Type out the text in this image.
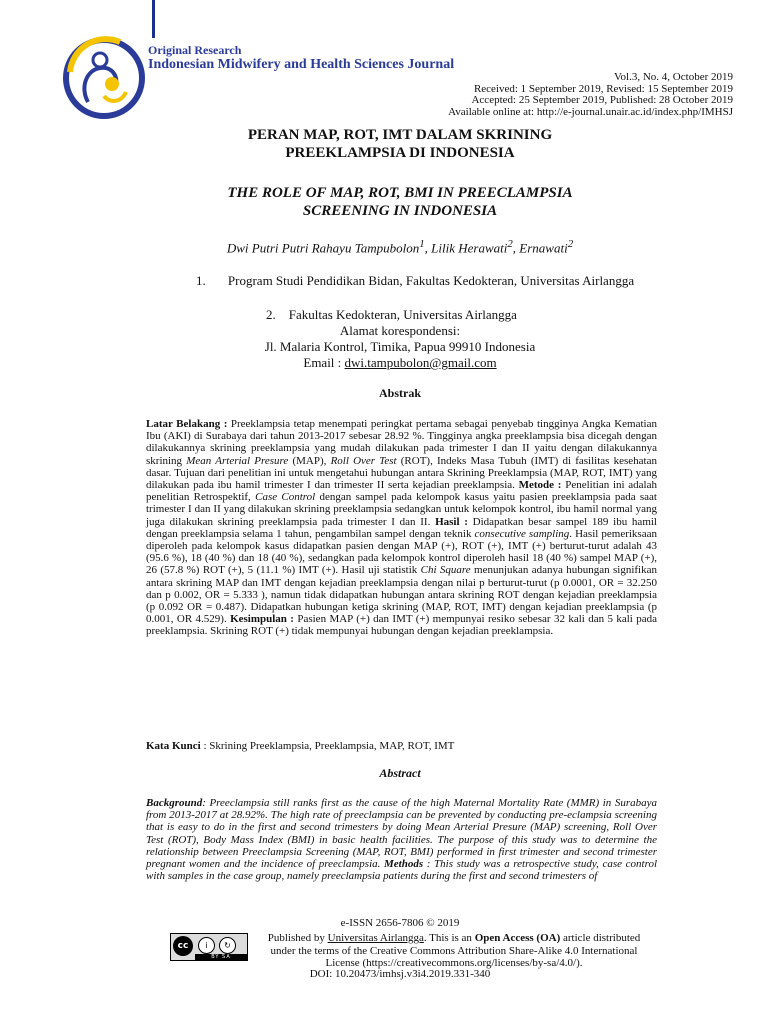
Original Research
Indonesian Midwifery and Health Sciences Journal
Vol.3, No. 4, October 2019
Received: 1 September 2019, Revised: 15 September 2019
Accepted: 25 September 2019, Published: 28 October 2019
Available online at: http://e-journal.unair.ac.id/index.php/IMHSJ
PERAN MAP, ROT, IMT DALAM SKRINING
PREEKLAMPSIA DI INDONESIA
THE ROLE OF MAP, ROT, BMI IN PREECLAMPSIA
SCREENING IN INDONESIA
Dwi Putri Putri Rahayu Tampubolon$^1$, Lilik Herawati$^2$, Ernawati$^2$
1.	Program Studi Pendidikan Bidan, Fakultas Kedokteran, Universitas Airlangga
2. Fakultas Kedokteran, Universitas Airlangga
Alamat korespondensi:
Jl. Malaria Kontrol, Timika, Papua 99910 Indonesia
Email : dwi.tampubolon@gmail.com
Abstrak
Latar Belakang : Preeklampsia tetap menempati peringkat pertama sebagai penyebab tingginya Angka Kematian Ibu (AKI) di Surabaya dari tahun 2013-2017 sebesar 28.92 %. Tingginya angka preeklampsia bisa dicegah dengan dilakukannya skrining preeklampsia yang mudah dilakukan pada trimester I dan II yaitu dengan dilakukannya skrining Mean Arterial Presure (MAP), Roll Over Test (ROT), Indeks Masa Tubuh (IMT) di fasilitas kesehatan dasar. Tujuan dari penelitian ini untuk mengetahui hubungan antara Skrining Preeklampsia (MAP, ROT, IMT) yang dilakukan pada ibu hamil trimester I dan trimester II serta kejadian preeklampsia. Metode : Penelitian ini adalah penelitian Retrospektif, Case Control dengan sampel pada kelompok kasus yaitu pasien preeklampsia pada saat trimester I dan II yang dilakukan skrining preeklampsia sedangkan untuk kelompok kontrol, ibu hamil normal yang juga dilakukan skrining preeklampsia pada trimester I dan II. Hasil : Didapatkan besar sampel 189 ibu hamil dengan preeklampsia selama 1 tahun, pengambilan sampel dengan teknik consecutive sampling. Hasil pemeriksaan diperoleh pada kelompok kasus didapatkan pasien dengan MAP (+), ROT (+), IMT (+) berturut-turut adalah 43 (95.6 %), 18 (40 %) dan 18 (40 %), sedangkan pada kelompok kontrol diperoleh hasil 18 (40 %) sampel MAP (+), 26 (57.8 %) ROT (+), 5 (11.1 %) IMT (+). Hasil uji statistik Chi Square menunjukan adanya hubungan signifikan antara skrining MAP dan IMT dengan kejadian preeklampsia dengan nilai p berturut-turut (p 0.0001, OR = 32.250 dan p 0.002, OR = 5.333 ), namun tidak didapatkan hubungan antara skrining ROT dengan kejadian preeklampsia (p 0.092 OR = 0.487). Didapatkan hubungan ketiga skrining (MAP, ROT, IMT) dengan kejadian preeklampsia (p 0.001, OR 4.529). Kesimpulan : Pasien MAP (+) dan IMT (+) mempunyai resiko sebesar 32 kali dan 5 kali pada preeklampsia. Skrining ROT (+) tidak mempunyai hubungan dengan kejadian preeklampsia.
Kata Kunci : Skrining Preeklampsia, Preeklampsia, MAP, ROT, IMT
Abstract
Background: Preeclampsia still ranks first as the cause of the high Maternal Mortality Rate (MMR) in Surabaya from 2013-2017 at 28.92%. The high rate of preeclampsia can be prevented by conducting pre-eclampsia screening that is easy to do in the first and second trimesters by doing Mean Arterial Presure (MAP) screening, Roll Over Test (ROT), Body Mass Index (BMI) in basic health facilities. The purpose of this study was to determine the relationship between Preeclampsia Screening (MAP, ROT, BMI) performed in first trimester and second trimester pregnant women and the incidence of preeclampsia. Methods : This study was a retrospective study, case control with samples in the case group, namely preeclampsia patients during the first and second trimesters of
e-ISSN 2656-7806 © 2019
cc	i	↻
BY SA
Published by Universitas Airlangga. This is an Open Access (OA) article distributed under the terms of the Creative Commons Attribution Share-Alike 4.0 International License (https://creativecommons.org/licenses/by-sa/4.0/).
DOI: 10.20473/imhsj.v3i4.2019.331-340
